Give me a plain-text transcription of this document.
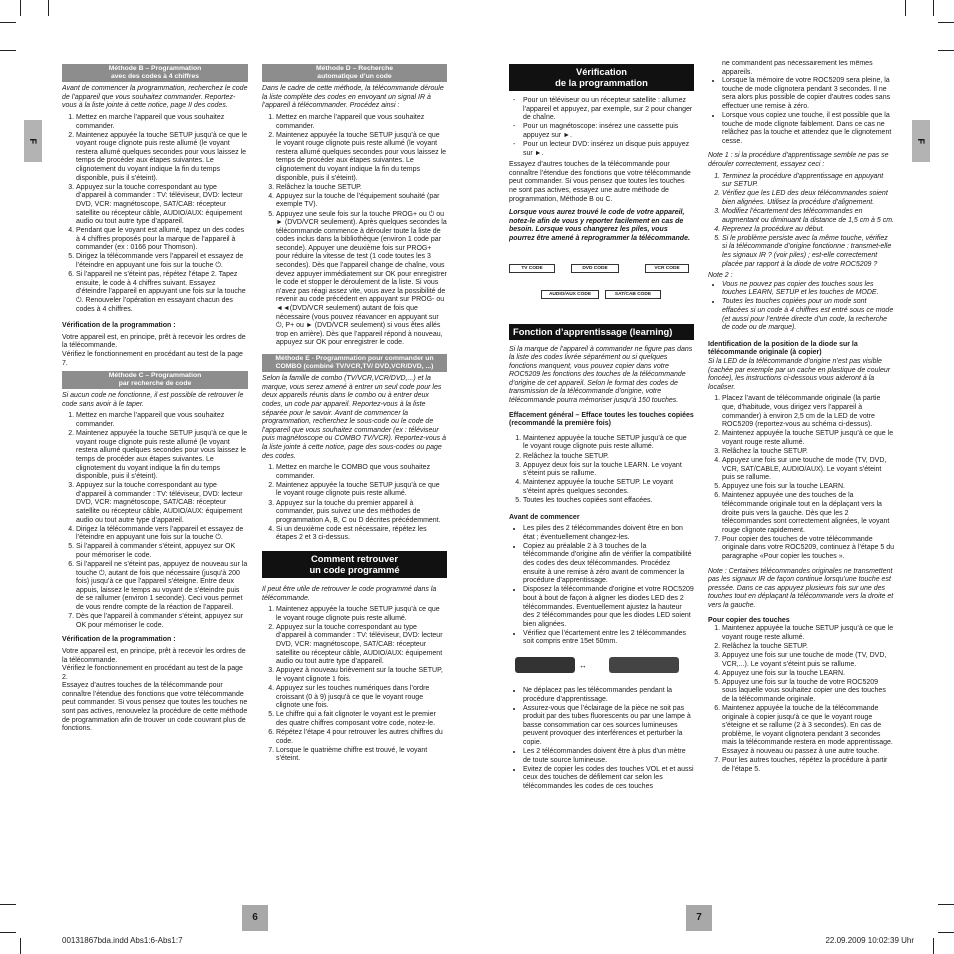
F	F
Méthode B – Programmation
avec des codes à 4 chiffres
Avant de commencer la programmation, recherchez le code de l’appareil que vous souhaitez commander. Reportez-vous à la liste jointe à cette notice, page II des codes.
1. Mettez en marche l’appareil que vous souhaitez commander.
2. Maintenez appuyée la touche SETUP jusqu’à ce que le voyant rouge clignote puis reste allumé (le voyant restera allumé quelques secondes pour vous laissez le temps de procéder aux étapes suivantes. Le clignotement du voyant indique la fin du temps disponible, puis il s’éteint).
3. Appuyez sur la touche correspondant au type d’appareil à commander : TV: téléviseur, DVD: lecteur DVD, VCR: magnétoscope, SAT/CAB: récepteur satellite ou récepteur câble, AUDIO/AUX: équipement audio ou tout autre type d’appareil.
4. Pendant que le voyant est allumé, tapez un des codes à 4 chiffres proposés pour la marque de l’appareil à commander (ex : 0166 pour Thomson).
5. Dirigez la télécommande vers l’appareil et essayez de l’éteindre en appuyant une fois sur la touche ⏻.
6. Si l’appareil ne s’éteint pas, répétez l’étape 2. Tapez ensuite, le code à 4 chiffres suivant. Essayez d’éteindre l’appareil en appuyant une fois sur la touche ⏻. Renouveler l’opération en essayant chacun des codes à 4 chiffres.
Vérification de la programmation :
Votre appareil est, en principe, prêt à recevoir les ordres de la télécommande.
Vérifiez le fonctionnement en procédant au test de la page 7.
Méthode C – Programmation
par recherche de code
Si aucun code ne fonctionne, il est possible de retrouver le code sans avoir à le taper.
1. Mettez en marche l’appareil que vous souhaitez commander.
2. Maintenez appuyée la touche SETUP jusqu’à ce que le voyant rouge clignote puis reste allumé (le voyant restera allumé quelques secondes pour vous laissez le temps de procéder aux étapes suivantes. Le clignotement du voyant indique la fin du temps disponible, puis il s’éteint).
3. Appuyez sur la touche correspondant au type d’appareil à commander : TV: téléviseur, DVD: lecteur DVD, VCR: magnétoscope, SAT/CAB: récepteur satellite ou récepteur câble, AUDIO/AUX: équipement audio ou tout autre type d’appareil.
4. Dirigez la télécommande vers l’appareil et essayez de l’éteindre en appuyant une fois sur la touche ⏻.
5. Si l’appareil à commander s’éteint, appuyez sur OK pour mémoriser le code.
6. Si l’appareil ne s’éteint pas, appuyez de nouveau sur la touche ⏻, autant de fois que nécessaire (jusqu’à 200 fois) jusqu’à ce que l’appareil s’éteigne. Entre deux appuis, laissez le temps au voyant de s’éteindre puis de se rallumer (environ 1 seconde). Ceci vous permet de vous rendre compte de la réaction de l’appareil.
7. Dès que l’appareil à commander s’éteint, appuyez sur OK pour mémoriser le code.
Vérification de la programmation :
Votre appareil est, en principe, prêt à recevoir les ordres de la télécommande.
Vérifiez le fonctionnement en procédant au test de la page 2.
Essayez d’autres touches de la télécommande pour connaître l’étendue des fonctions que votre télécommande peut commander. Si vous pensez que toutes les touches ne sont pas actives, renouvelez la procédure de cette méthode de programmation afin de trouver un code couvrant plus de fonctions.
Méthode D – Recherche
automatique d’un code
Dans le cadre de cette méthode, la télécommande déroule la liste complète des codes en envoyant un signal IR à l’appareil à télécommander. Procédez ainsi :
1. Mettez en marche l’appareil que vous souhaitez commander.
2. Maintenez appuyée la touche SETUP jusqu’à ce que le voyant rouge clignote puis reste allumé (le voyant restera allumé quelques secondes pour vous laissez le temps de procéder aux étapes suivantes. Le clignotement du voyant indique la fin du temps disponible, puis il s’éteint).
3. Relâchez la touche SETUP.
4. Appuyez sur la touche de l’équipement souhaité (par exemple TV).
5. Appuyez une seule fois sur la touche PROG+ ou ⏻ ou ► (DVD/VCR seulement). Après quelques secondes la télécommande commence à dérouler toute la liste de codes inclus dans la bibliothèque (environ 1 code par seconde). Appuyer une deuxième fois sur PROG+ pour réduire la vitesse de test (1 code toutes les 3 secondes). Dès que l’appareil change de chaîne, vous devez appuyer immédiatement sur OK pour enregistrer le code et stopper le déroulement de la liste. Si vous n’avez pas réagi assez vite, vous avez la possibilité de revenir au code précédent en appuyant sur PROG- ou ◄◄(DVD/VCR seulement) autant de fois que nécessaire (vous pouvez réavancer en appuyant sur ⏻, P+ ou ► (DVD/VCR seulement) si vous êtes allés trop en arrière). Dès que l’appareil répond à nouveau, appuyez sur OK pour enregistrer le code.
Méthode E - Programmation pour commander un COMBO (combiné TV/VCR,TV/ DVD,VCR/DVD, ...)
Selon la famille de combo (TV/VCR,VCR/DVD,...) et la marque, vous serez amené à entrer un seul code pour les deux appareils réunis dans le combo ou à entrer deux codes, un code par appareil. Reportez-vous à la liste séparée pour le savoir. Avant de commencer la programmation, recherchez le sous-code ou le code de l’appareil que vous souhaitez commander (ex : téléviseur puis magnétoscope ou COMBO TV/VCR). Reportez-vous à la liste jointe à cette notice, page des sous-codes ou page des codes.
1. Mettez en marche le COMBO que vous souhaitez commander.
2. Maintenez appuyée la touche SETUP jusqu’à ce que le voyant rouge clignote puis reste allumé.
3. Appuyez sur la touche du premier appareil à commander, puis suivez une des méthodes de programmation A, B, C ou D décrites précédemment.
4. Si un deuxième code est nécessaire, répétez les étapes 2 et 3 ci-dessus.
Comment retrouver
un code programmé
Il peut être utile de retrouver le code programmé dans la télécommande.
1. Maintenez appuyée la touche SETUP jusqu’à ce que le voyant rouge clignote puis reste allumé.
2. Appuyez sur la touche correspondant au type d’appareil à commander : TV: téléviseur, DVD: lecteur DVD, VCR: magnétoscope, SAT/CAB: récepteur satellite ou récepteur câble, AUDIO/AUX: équipement audio ou tout autre type d’appareil.
3. Appuyez à nouveau brièvement sur la touche SETUP, le voyant clignote 1 fois.
4. Appuyez sur les touches numériques dans l’ordre croissant (0 à 9) jusqu’à ce que le voyant rouge clignote une fois.
5. Le chiffre qui a fait clignoter le voyant est le premier des quatre chiffres composant votre code, notez-le.
6. Répétez l’étape 4 pour retrouver les autres chiffres du code.
7. Lorsque le quatrième chiffre est trouvé, le voyant s’éteint.
Vérification
de la programmation
- Pour un téléviseur ou un récepteur satellite : allumez l’appareil et appuyez, par exemple, sur 2 pour changer de chaîne.
- Pour un magnétoscope: insérez une cassette puis appuyez sur ►.
- Pour un lecteur DVD: insérez un disque puis appuyez sur ►.
Essayez d’autres touches de la télécommande pour connaître l’étendue des fonctions que votre télécommande peut commander. Si vous pensez que toutes les touches ne sont pas actives, essayez une autre méthode de programmation, Méthode B ou C.
Lorsque vous aurez trouvé le code de votre appareil, notez-le afin de vous y reporter facilement en cas de besoin. Lorsque vous changerez les piles, vous pourrez être amené à reprogrammer la télécommande.
TV CODE	DVD CODE	VCR CODE
AUDIO/AUX CODE	SAT/CAB CODE
Fonction d’apprentissage (learning)
Si la marque de l’appareil à commander ne figure pas dans la liste des codes livrée séparément ou si quelques fonctions manquent, vous pouvez copier dans votre ROC5209 les fonctions des touches de la télécommande d’origine de cet appareil. Selon le format des codes de transmission de la télécommande d’origine, votre télécommande pourra mémoriser jusqu’à 150 touches.
Effacement général – Efface toutes les touches copiées (recommandé la première fois)
1. Maintenez appuyée la touche SETUP jusqu’à ce que le voyant rouge clignote puis reste allumé.
2. Relâchez la touche SETUP.
3. Appuyez deux fois sur la touche LEARN. Le voyant s’éteint puis se rallume.
4. Maintenez appuyée la touche SETUP. Le voyant s’éteint après quelques secondes.
5. Toutes les touches copiées sont effacées.
Avant de commencer
• Les piles des 2 télécommandes doivent être en bon état ; éventuellement changez-les.
• Copiez au préalable 2 à 3 touches de la télécommande d’origine afin de vérifier la compatibilité des codes des deux télécommandes. Procédez ensuite à une remise à zéro avant de commencer la procédure d’apprentissage.
• Disposez la télécommande d’origine et votre ROC5209 bout à bout de façon à aligner les diodes LED des 2 télécommandes. Eventuellement ajustez la hauteur des 2 télécommandes pour que les diodes LED soient bien alignées.
• Vérifiez que l’écartement entre les 2 télécommandes soit compris entre 15et 50mm.
↔
• Ne déplacez pas les télécommandes pendant la procédure d’apprentissage.
• Assurez-vous que l’éclairage de la pièce ne soit pas produit par des tubes fluorescents ou par une lampe à basse consommation car ces sources lumineuses peuvent provoquer des interférences et perturber la copie.
• Les 2 télécommandes doivent être à plus d’un mètre de toute source lumineuse.
• Evitez de copier les codes des touches VOL et et aussi ceux des touches de défilement car selon les télécommandes les codes de ces touches
ne commandent pas nécessairement les mêmes appareils.
• Lorsque la mémoire de votre ROC5209 sera pleine, la touche de mode clignotera pendant 3 secondes. Il ne sera alors plus possible de copier d’autres codes sans effectuer une remise à zéro.
• Lorsque vous copiez une touche, il est possible que la touche de mode clignote faiblement. Dans ce cas ne relâchez pas la touche et attendez que le clignotement cesse.
Note 1 : si la procédure d’apprentissage semble ne pas se dérouler correctement, essayez ceci :
1. Terminez la procédure d’apprentissage en appuyant sur SETUP.
2. Vérifiez que les LED des deux télécommandes soient bien alignées. Utilisez la procédure d’alignement.
3. Modifiez l’écartement des télécommandes en augmentant ou diminuant la distance de 1,5 cm à 5 cm.
4. Reprenez la procédure au début.
5. Si le problème persiste avec la même touche, vérifiez si la télécommande d’origine fonctionne : transmet-elle les signaux IR ? (voir piles) ; est-elle correctement placée par rapport à la diode de votre ROC5209 ?
Note 2 :
• Vous ne pouvez pas copier des touches sous les touches LEARN, SETUP et les touches de MODE.
• Toutes les touches copiées pour un mode sont effacées si un code à 4 chiffres est entré sous ce mode (et aussi pour l’entrée directe d’un code, la recherche de code ou de marque).
Identification de la position de la diode sur la télécommande originale (à copier)
Si la LED de la télécommande d’origine n’est pas visible (cachée par exemple par un cache en plastique de couleur foncée), les instructions ci-dessous vous aideront à la localiser.
1. Placez l’avant de télécommande originale (la partie que, d’habitude, vous dirigez vers l’appareil à commander) à environ 2,5 cm de la LED de votre ROC5209 (reportez-vous au schéma ci-dessus).
2. Maintenez appuyée la touche SETUP jusqu’à ce que le voyant rouge reste allumé.
3. Relâchez la touche SETUP.
4. Appuyez une fois sur une touche de mode (TV, DVD, VCR, SAT/CABLE, AUDIO/AUX). Le voyant s’éteint puis se rallume.
5. Appuyez une fois sur la touche LEARN.
6. Maintenez appuyée une des touches de la télécommande originale tout en la déplaçant vers la droite puis vers la gauche. Dès que les 2 télécommandes sont correctement alignées, le voyant rouge clignote rapidement.
7. Pour copier des touches de votre télécommande originale dans votre ROC5209, continuez à l’étape 5 du paragraphe «Pour copier les touches ».
Note : Certaines télécommandes originales ne transmettent pas les signaux IR de façon continue lorsqu’une touche est pressée. Dans ce cas appuyez plusieurs fois sur une des touches tout en déplaçant la télécommande vers la droite et vers la gauche.
Pour copier des touches
1. Maintenez appuyée la touche SETUP jusqu’à ce que le voyant rouge reste allumé.
2. Relâchez la touche SETUP.
3. Appuyez une fois sur une touche de mode (TV, DVD, VCR,...). Le voyant s’éteint puis se rallume.
4. Appuyez une fois sur la touche LEARN.
5. Appuyez une fois sur la touche de votre ROC5209 sous laquelle vous souhaitez copier une des touches de la télécommande originale.
6. Maintenez appuyée la touche de la télécommande originale à copier jusqu’à ce que le voyant rouge s’éteigne et se rallume (2 à 3 secondes). En cas de problème, le voyant clignotera pendant 3 secondes mais la télécommande restera en mode apprentissage. Essayez à nouveau ou passez à une autre touche.
7. Pour les autres touches, répétez la procédure à partir de l’étape 5.
6	7
00131867bda.indd Abs1:6-Abs1:7	22.09.2009 10:02:39 Uhr
